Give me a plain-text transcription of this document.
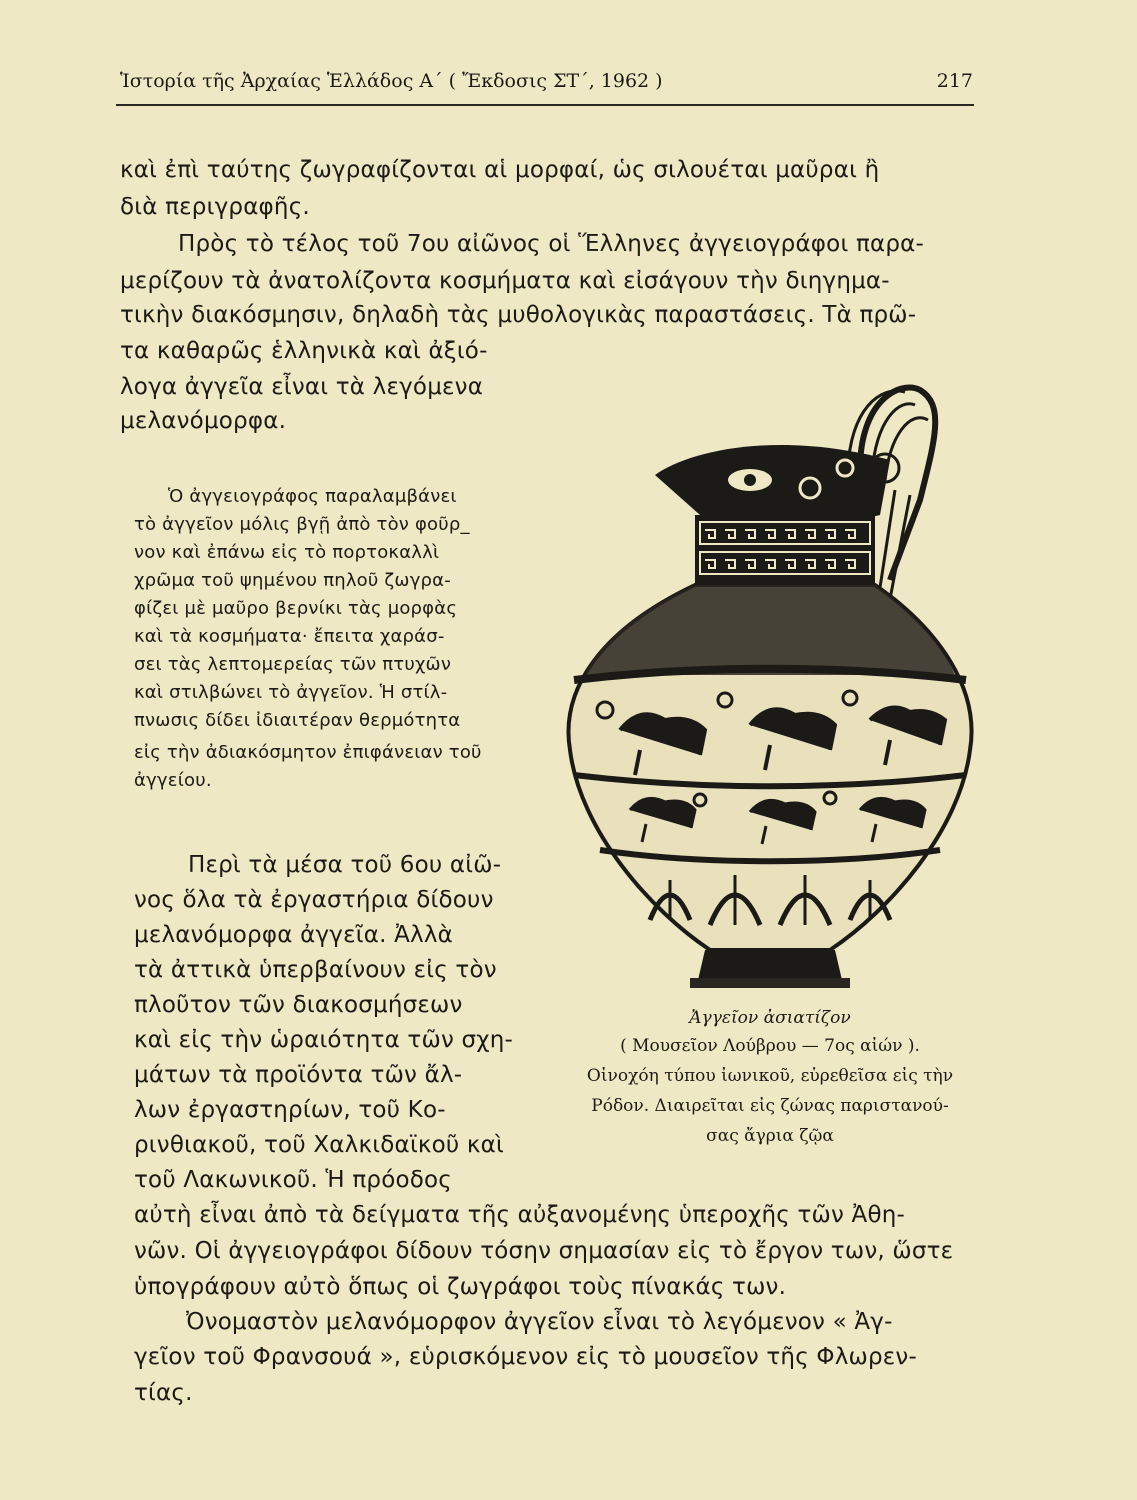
Ἱστορία τῆς Ἀρχαίας Ἑλλάδος Α΄ ( Ἔκδοσις ΣΤ΄, 1962 )	217
καὶ ἐπὶ ταύτης ζωγραφίζονται αἱ μορφαί, ὡς σιλουέται μαῦραι ἢ
διὰ περιγραφῆς.
Πρὸς τὸ τέλος τοῦ 7ου αἰῶνος οἱ Ἕλληνες ἀγγειογράφοι παρα-
μερίζουν τὰ ἀνατολίζοντα κοσμήματα καὶ εἰσάγουν τὴν διηγημα-
τικὴν διακόσμησιν, δηλαδὴ τὰς μυθολογικὰς παραστάσεις. Τὰ πρῶ-
τα καθαρῶς ἑλληνικὰ καὶ ἀξιό-
λογα ἀγγεῖα εἶναι τὰ λεγόμενα
μελανόμορφα.
Ὁ ἀγγειογράφος παραλαμβάνει
τὸ ἀγγεῖον μόλις βγῇ ἀπὸ τὸν φοῦρ_
νον καὶ ἐπάνω εἰς τὸ πορτοκαλλὶ
χρῶμα τοῦ ψημένου πηλοῦ ζωγρα-
φίζει μὲ μαῦρο βερνίκι τὰς μορφὰς
καὶ τὰ κοσμήματα· ἔπειτα χαράσ-
σει τὰς λεπτομερείας τῶν πτυχῶν
καὶ στιλβώνει τὸ ἀγγεῖον. Ἡ στίλ-
πνωσις δίδει ἰδιαιτέραν θερμότητα
εἰς τὴν ἀδιακόσμητον ἐπιφάνειαν τοῦ
ἀγγείου.
Περὶ τὰ μέσα τοῦ 6ου αἰῶ-
νος ὅλα τὰ ἐργαστήρια δίδουν
μελανόμορφα ἀγγεῖα. Ἀλλὰ
τὰ ἀττικὰ ὑπερβαίνουν εἰς τὸν
πλοῦτον τῶν διακοσμήσεων
καὶ εἰς τὴν ὡραιότητα τῶν σχη-
μάτων τὰ προϊόντα τῶν ἄλ-
λων ἐργαστηρίων, τοῦ Κο-
ρινθιακοῦ, τοῦ Χαλκιδαϊκοῦ καὶ
τοῦ Λακωνικοῦ. Ἡ πρόοδος
Ἀγγεῖον ἀσιατίζον
( Μουσεῖον Λούβρου — 7ος αἰών ).
Οἰνοχόη τύπου ἰωνικοῦ, εὑρεθεῖσα εἰς τὴν
Ρόδον. Διαιρεῖται εἰς ζώνας παριστανού-
σας ἄγρια ζῷα
αὐτὴ εἶναι ἀπὸ τὰ δείγματα τῆς αὐξανομένης ὑπεροχῆς τῶν Ἀθη-
νῶν. Οἱ ἀγγειογράφοι δίδουν τόσην σημασίαν εἰς τὸ ἔργον των, ὥστε
ὑπογράφουν αὐτὸ ὅπως οἱ ζωγράφοι τοὺς πίνακάς των.
Ὀνομαστὸν μελανόμορφον ἀγγεῖον εἶναι τὸ λεγόμενον « Ἀγ-
γεῖον τοῦ Φρανσουά », εὑρισκόμενον εἰς τὸ μουσεῖον τῆς Φλωρεν-
τίας.
